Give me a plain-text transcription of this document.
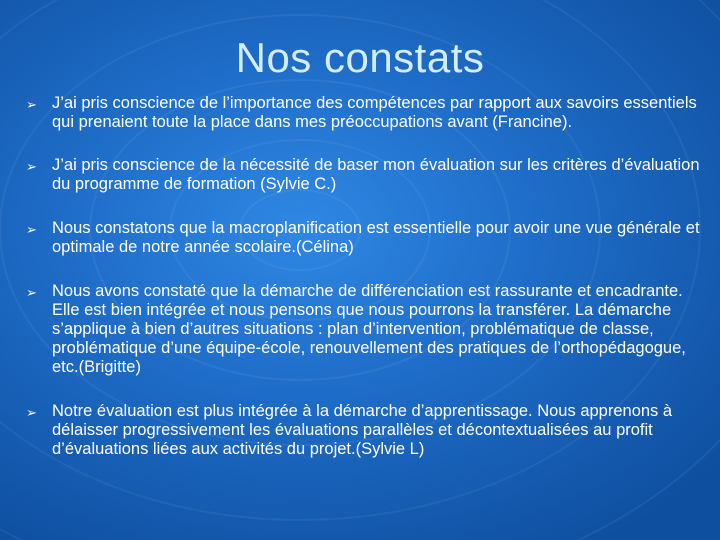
Nos constats
➢ J’ai pris conscience de l’importance des compétences par rapport aux savoirs essentiels qui prenaient toute la place dans mes préoccupations avant (Francine).
➢ J’ai pris conscience de la nécessité de baser mon évaluation sur les critères d’évaluation du programme de formation (Sylvie C.)
➢ Nous constatons que la macroplanification est essentielle pour avoir une vue générale et optimale de notre année scolaire.(Célina)
➢ Nous avons constaté que la démarche de différenciation est rassurante et encadrante. Elle est bien intégrée et nous pensons que nous pourrons la transférer. La démarche s’applique à bien d’autres situations : plan d’intervention, problématique de classe, problématique d’une équipe-école, renouvellement des pratiques de l’orthopédagogue, etc.(Brigitte)
➢ Notre évaluation est plus intégrée à la démarche d’apprentissage. Nous apprenons à délaisser progressivement les évaluations parallèles et décontextualisées au profit d’évaluations liées aux activités du projet.(Sylvie L)
